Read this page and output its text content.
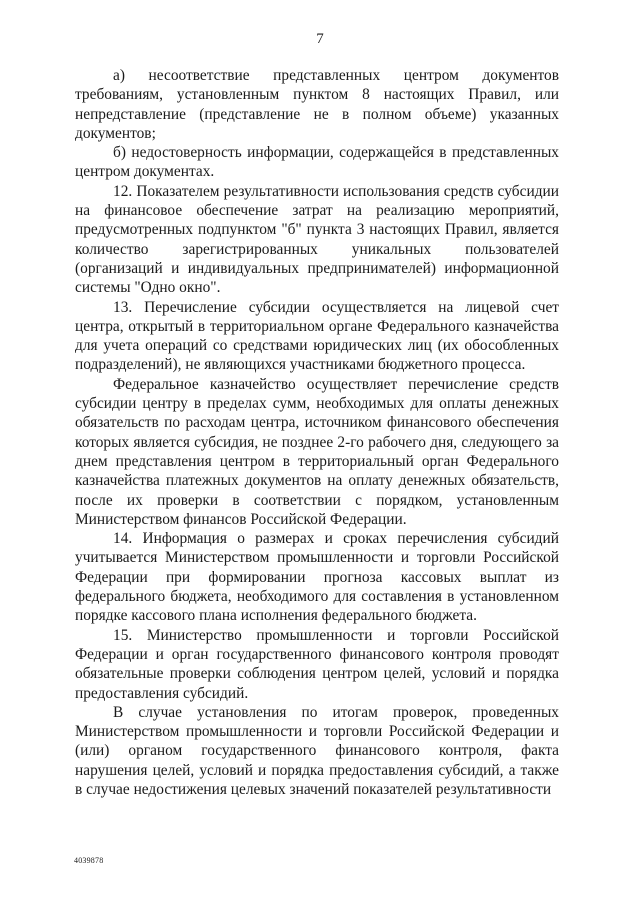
7

а) несоответствие представленных центром документов требованиям, установленным пунктом 8 настоящих Правил, или непредставление (представление не в полном объеме) указанных документов;

б) недостоверность информации, содержащейся в представленных центром документах.

12. Показателем результативности использования средств субсидии на финансовое обеспечение затрат на реализацию мероприятий, предусмотренных подпунктом "б" пункта 3 настоящих Правил, является количество зарегистрированных уникальных пользователей (организаций и индивидуальных предпринимателей) информационной системы "Одно окно".

13. Перечисление субсидии осуществляется на лицевой счет центра, открытый в территориальном органе Федерального казначейства для учета операций со средствами юридических лиц (их обособленных подразделений), не являющихся участниками бюджетного процесса.

Федеральное казначейство осуществляет перечисление средств субсидии центру в пределах сумм, необходимых для оплаты денежных обязательств по расходам центра, источником финансового обеспечения которых является субсидия, не позднее 2-го рабочего дня, следующего за днем представления центром в территориальный орган Федерального казначейства платежных документов на оплату денежных обязательств, после их проверки в соответствии с порядком, установленным Министерством финансов Российской Федерации.

14. Информация о размерах и сроках перечисления субсидий учитывается Министерством промышленности и торговли Российской Федерации при формировании прогноза кассовых выплат из федерального бюджета, необходимого для составления в установленном порядке кассового плана исполнения федерального бюджета.

15. Министерство промышленности и торговли Российской Федерации и орган государственного финансового контроля проводят обязательные проверки соблюдения центром целей, условий и порядка предоставления субсидий.

В случае установления по итогам проверок, проведенных Министерством промышленности и торговли Российской Федерации и (или) органом государственного финансового контроля, факта нарушения целей, условий и порядка предоставления субсидий, а также в случае недостижения целевых значений показателей результативности

4039878
